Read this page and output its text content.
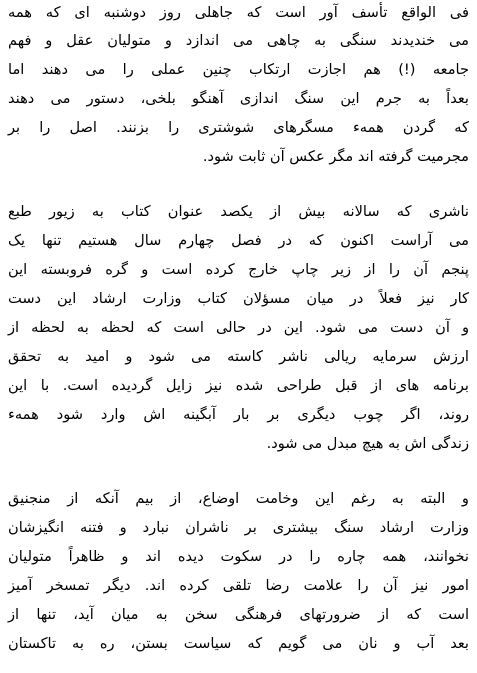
فی الواقع تأسف آور است که جاهلی روز دوشنبه ای که همه
می خندیدند سنگی به چاهی می اندازد و متولیان عقل و فهم
جامعه (!) هم اجازت ارتکاب چنین عملی را می دهند اما
بعداً به جرم این سنگ اندازی آهنگو بلخی، دستور می دهند
که گردن همهء مسگرهای شوشتری را بزنند. اصل را بر
مجرمیت گرفته اند مگر عکس آن ثابت شود.
ناشری که سالانه بیش از یکصد عنوان کتاب به زیور طبع
می آراست اکنون که در فصل چهارم سال هستیم تنها یک
پنجم آن را از زیر چاپ خارج کرده است و گره فروبسته این
کار نیز فعلاً در میان مسؤلان کتاب وزارت ارشاد این دست
و آن دست می شود. این در حالی است که لحظه به لحظه از
ارزش سرمایه ریالی ناشر کاسته می شود و امید به تحقق
برنامه های از قبل طراحی شده نیز زایل گردیده است. با این
روند، اگر چوب دیگری بر بار آبگینه اش وارد شود همهء
زندگی اش به هیچ مبدل می شود.
و البته به رغم این وخامت اوضاع، از بیم آنکه از منجنیق
وزارت ارشاد سنگ بیشتری بر ناشران نبارد و فتنه انگیزشان
نخوانند، همه چاره را در سکوت دیده اند و ظاهراً متولیان
امور نیز آن را علامت رضا تلقی کرده اند. دیگر تمسخر آمیز
است که از ضرورتهای فرهنگی سخن به میان آید، تنها از
بعد آب و نان می گویم که سیاست بستن، ره به تاکستان
